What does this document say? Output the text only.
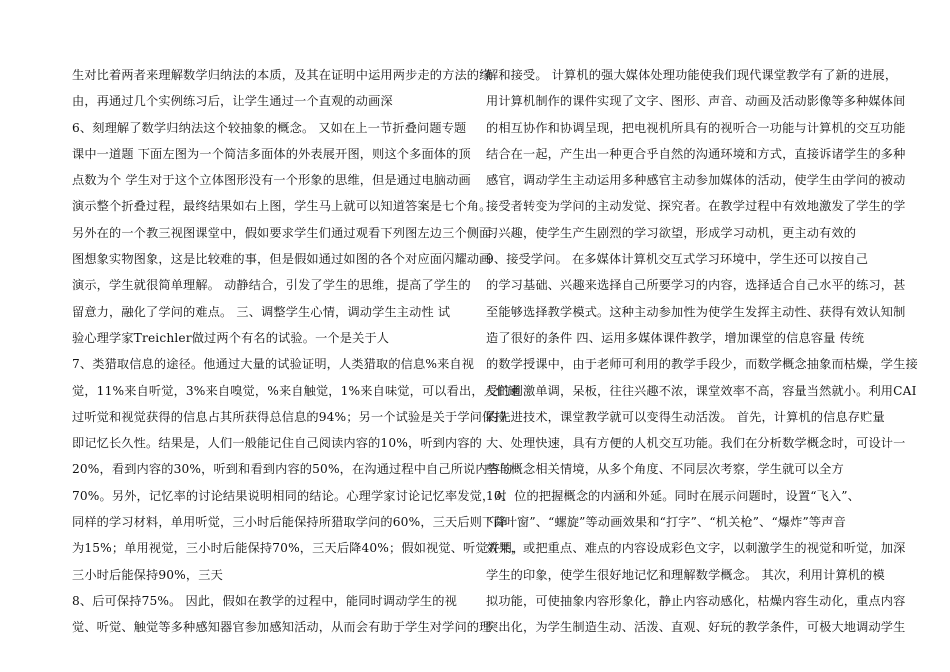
生对比着两者来理解数学归纳法的本质，及其在证明中运用两步走的方法的缘
由，再通过几个实例练习后，让学生通过一个直观的动画深
6、刻理解了数学归纳法这个较抽象的概念。 又如在上一节折叠问题专题
课中一道题 下面左图为一个简洁多面体的外表展开图，则这个多面体的顶
点数为个 学生对于这个立体图形没有一个形象的思维，但是通过电脑动画
演示整个折叠过程，最终结果如右上图，学生马上就可以知道答案是七个角。
另外在的一个教三视图课堂中，假如要求学生们通过观看下列图左边三个侧面
图想象实物图象，这是比较难的事，但是假如通过如图的各个对应面闪耀动画
演示，学生就很简单理解。 动静结合，引发了学生的思维，提高了学生的
留意力，融化了学问的难点。 三、调整学生心情，调动学生主动性 试
验心理学家Treichler做过两个有名的试验。一个是关于人
7、类猎取信息的途径。他通过大量的试验证明，人类猎取的信息%来自视
觉，11%来自听觉，3%来自嗅觉，%来自触觉，1%来自味觉，可以看出，人们通
过听觉和视觉获得的信息占其所获得总信息的94%；另一个试验是关于学问保持
即记忆长久性。结果是，人们一般能记住自己阅读内容的10%，听到内容的
20%，看到内容的30%，听到和看到内容的50%，在沟通过程中自己所说内容的
70%。另外，记忆率的讨论结果说明相同的结论。心理学家讨论记忆率发觉，对
同样的学习材料，单用听觉，三小时后能保持所猎取学问的60%，三天后则下降
为15%；单用视觉，三小时后能保持70%，三天后降40%；假如视觉、听觉并用，
三小时后能保持90%，三天
8、后可保持75%。 因此，假如在教学的过程中，能同时调动学生的视
觉、听觉、触觉等多种感知器官参加感知活动，从而会有助于学生对学问的理
解和接受。 计算机的强大媒体处理功能使我们现代课堂教学有了新的进展，
用计算机制作的课件实现了文字、图形、声音、动画及活动影像等多种媒体间
的相互协作和协调呈现，把电视机所具有的视听合一功能与计算机的交互功能
结合在一起，产生出一种更合乎自然的沟通环境和方式，直接诉诸学生的多种
感官，调动学生主动运用多种感官主动参加媒体的活动，使学生由学问的被动
接受者转变为学问的主动发觉、探究者。在教学过程中有效地激发了学生的学
习兴趣，使学生产生剧烈的学习欲望，形成学习动机，更主动有效的
9、接受学问。 在多媒体计算机交互式学习环境中，学生还可以按自己
的学习基础、兴趣来选择自己所要学习的内容，选择适合自己水平的练习，甚
至能够选择教学模式。这种主动参加性为使学生发挥主动性、获得有效认知制
造了很好的条件 四、运用多媒体课件教学，增加课堂的信息容量 传统
的数学授课中，由于老师可利用的教学手段少，而数学概念抽象而枯燥，学生接
受的刺激单调，呆板，往往兴趣不浓，课堂效率不高，容量当然就小。利用CAI
的先进技术，课堂教学就可以变得生动活泼。 首先，计算机的信息存贮量
大、处理快速，具有方便的人机交互功能。我们在分析数学概念时，可设计一
些与概念相关情境，从多个角度、不同层次考察，学生就可以全方
10、位的把握概念的内涵和外延。同时在展示问题时，设置“飞入”、
“百叶窗”、“螺旋”等动画效果和“打字”、“机关枪”、“爆炸”等声音
效果，或把重点、难点的内容设成彩色文字，以刺激学生的视觉和听觉，加深
学生的印象，使学生很好地记忆和理解数学概念。 其次，利用计算机的模
拟功能，可使抽象内容形象化，静止内容动感化，枯燥内容生动化，重点内容
突出化，为学生制造生动、活泼、直观、好玩的教学条件，可极大地调动学生
